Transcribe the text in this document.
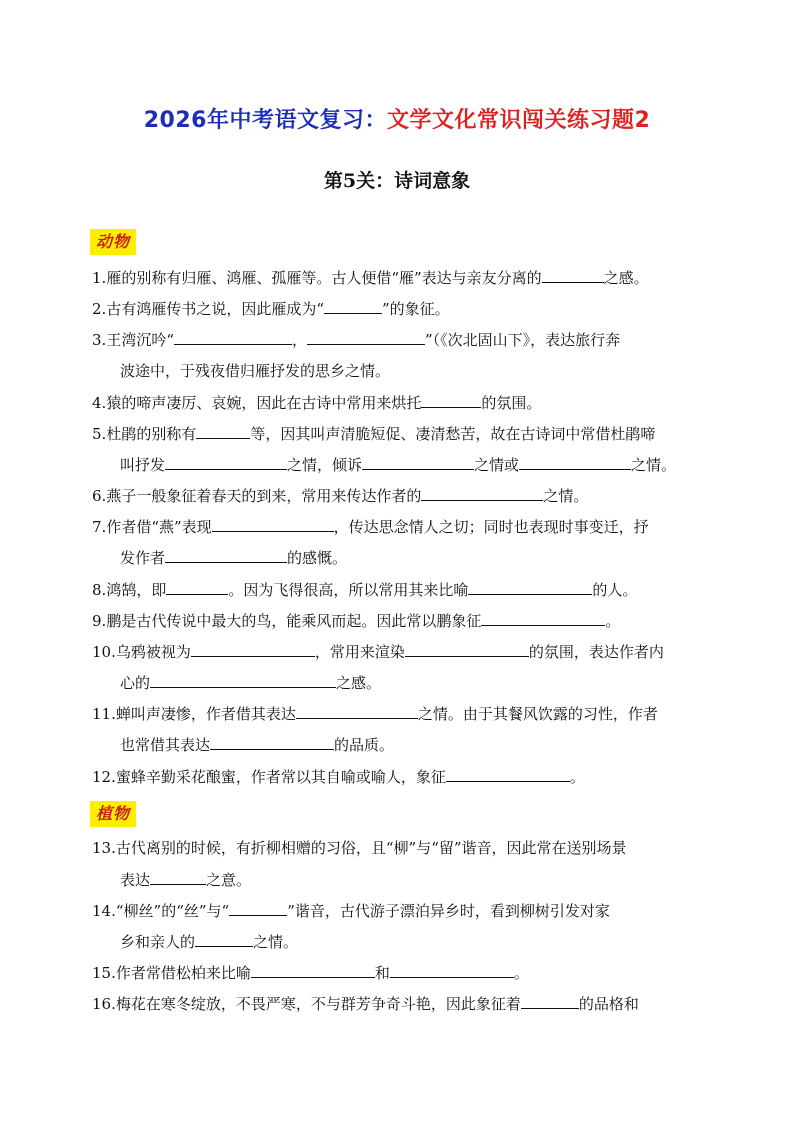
2026年中考语文复习：文学文化常识闯关练习题2
第5关：诗词意象
动物
1.雁的别称有归雁、鸿雁、孤雁等。古人便借“雁”表达与亲友分离的	之感。
2.古有鸿雁传书之说，因此雁成为“	”的象征。
3.王湾沉吟“	，	”（《次北固山下》，表达旅行奔
波途中，于残夜借归雁抒发的思乡之情。
4.猿的啼声凄厉、哀婉，因此在古诗中常用来烘托	的氛围。
5.杜鹃的别称有	等，因其叫声清脆短促、凄清愁苦，故在古诗词中常借杜鹃啼
叫抒发	之情，倾诉	之情或	之情。
6.燕子一般象征着春天的到来，常用来传达作者的	之情。
7.作者借“燕”表现	，传达思念情人之切；同时也表现时事变迁，抒
发作者	的感慨。
8.鸿鹄，即	。因为飞得很高，所以常用其来比喻	的人。
9.鹏是古代传说中最大的鸟，能乘风而起。因此常以鹏象征	。
10.乌鸦被视为	，常用来渲染	的氛围，表达作者内
心的	之感。
11.蝉叫声凄惨，作者借其表达	之情。由于其餐风饮露的习性，作者
也常借其表达	的品质。
12.蜜蜂辛勤采花酿蜜，作者常以其自喻或喻人，象征	。
植物
13.古代离别的时候，有折柳相赠的习俗，且“柳”与“留”谐音，因此常在送别场景
表达	之意。
14.“柳丝”的“丝”与“	”谐音，古代游子漂泊异乡时，看到柳树引发对家
乡和亲人的	之情。
15.作者常借松柏来比喻	和	。
16.梅花在寒冬绽放，不畏严寒，不与群芳争奇斗艳，因此象征着	的品格和
